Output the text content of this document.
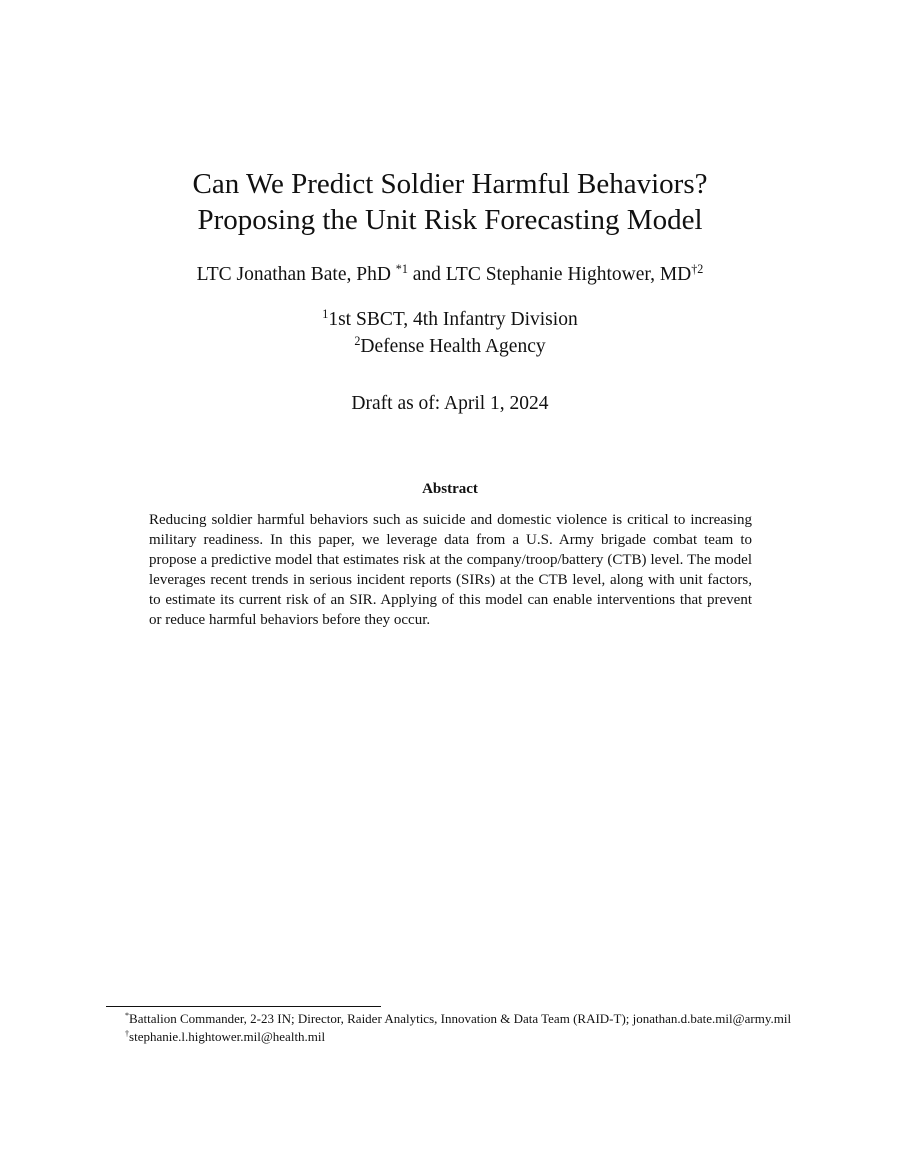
Can We Predict Soldier Harmful Behaviors?
Proposing the Unit Risk Forecasting Model
LTC Jonathan Bate, PhD $^{*1}$ and LTC Stephanie Hightower, MD$^{\dagger 2}$
$^1$1st SBCT, 4th Infantry Division
$^2$Defense Health Agency
Draft as of: April 1, 2024
Abstract

Reducing soldier harmful behaviors such as suicide and domestic violence is critical to increasing military readiness. In this paper, we leverage data from a U.S. Army brigade combat team to propose a predictive model that estimates risk at the company/troop/battery (CTB) level. The model leverages recent trends in serious incident reports (SIRs) at the CTB level, along with unit factors, to estimate its current risk of an SIR. Applying of this model can enable interventions that prevent or reduce harmful behaviors before they occur.

*Battalion Commander, 2-23 IN; Director, Raider Analytics, Innovation & Data Team (RAID-T); jonathan.d.bate.mil@army.mil

†stephanie.l.hightower.mil@health.mil
